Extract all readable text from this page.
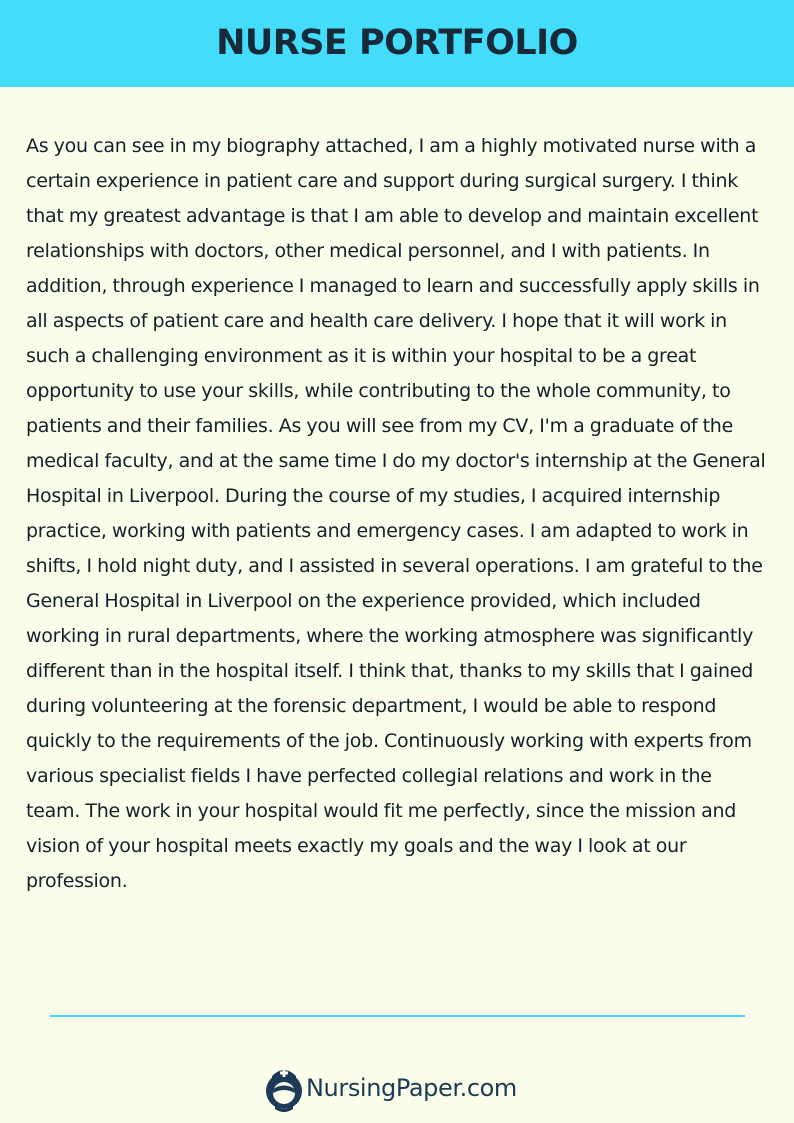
NURSE PORTFOLIO

As you can see in my biography attached, I am a highly motivated nurse with a certain experience in patient care and support during surgical surgery. I think that my greatest advantage is that I am able to develop and maintain excellent relationships with doctors, other medical personnel, and I with patients. In addition, through experience I managed to learn and successfully apply skills in all aspects of patient care and health care delivery. I hope that it will work in such a challenging environment as it is within your hospital to be a great opportunity to use your skills, while contributing to the whole community, to patients and their families. As you will see from my CV, I'm a graduate of the medical faculty, and at the same time I do my doctor's internship at the General Hospital in Liverpool. During the course of my studies, I acquired internship practice, working with patients and emergency cases. I am adapted to work in shifts, I hold night duty, and I assisted in several operations. I am grateful to the General Hospital in Liverpool on the experience provided, which included working in rural departments, where the working atmosphere was significantly different than in the hospital itself. I think that, thanks to my skills that I gained during volunteering at the forensic department, I would be able to respond quickly to the requirements of the job. Continuously working with experts from various specialist fields I have perfected collegial relations and work in the team. The work in your hospital would fit me perfectly, since the mission and vision of your hospital meets exactly my goals and the way I look at our profession.

NursingPaper.com
